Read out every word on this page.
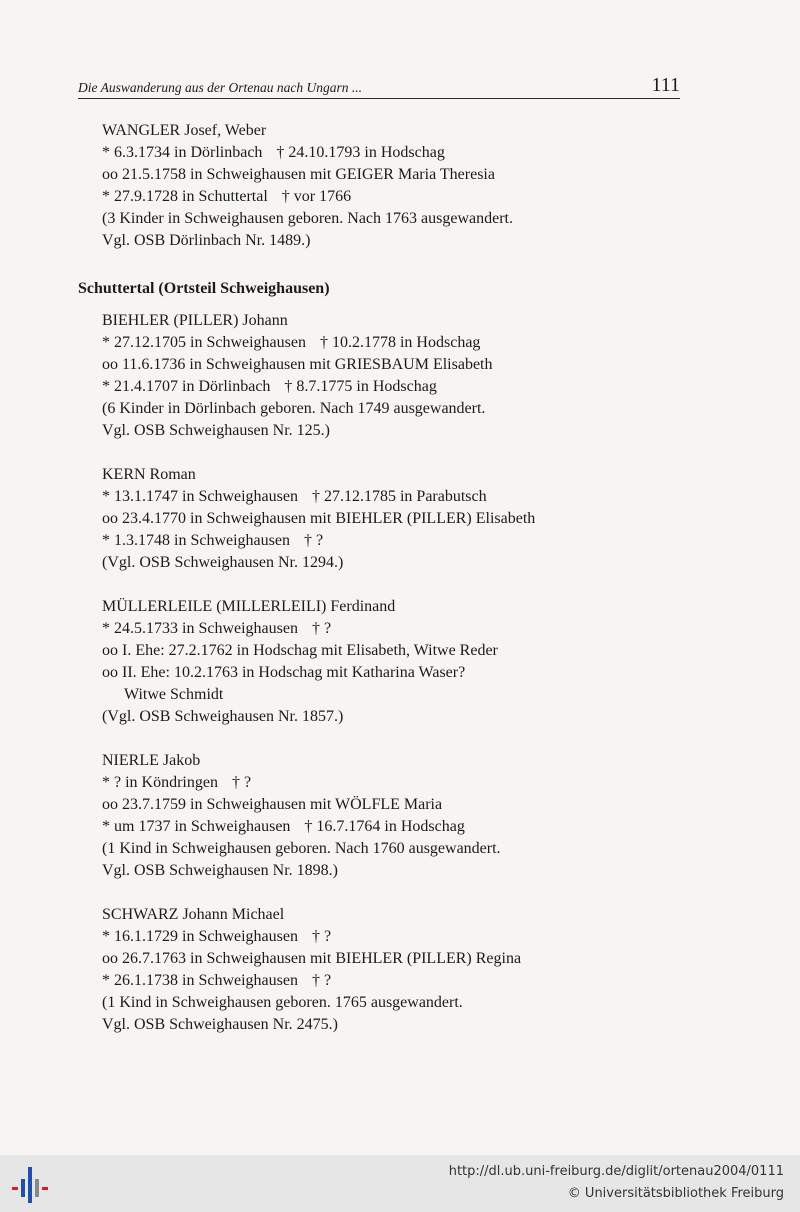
Die Auswanderung aus der Ortenau nach Ungarn ...	111
WANGLER Josef, Weber
* 6.3.1734 in Dörlinbach † 24.10.1793 in Hodschag
oo 21.5.1758 in Schweighausen mit GEIGER Maria Theresia
* 27.9.1728 in Schuttertal † vor 1766
(3 Kinder in Schweighausen geboren. Nach 1763 ausgewandert.
Vgl. OSB Dörlinbach Nr. 1489.)
Schuttertal (Ortsteil Schweighausen)
BIEHLER (PILLER) Johann
* 27.12.1705 in Schweighausen † 10.2.1778 in Hodschag
oo 11.6.1736 in Schweighausen mit GRIESBAUM Elisabeth
* 21.4.1707 in Dörlinbach † 8.7.1775 in Hodschag
(6 Kinder in Dörlinbach geboren. Nach 1749 ausgewandert.
Vgl. OSB Schweighausen Nr. 125.)
KERN Roman
* 13.1.1747 in Schweighausen † 27.12.1785 in Parabutsch
oo 23.4.1770 in Schweighausen mit BIEHLER (PILLER) Elisabeth
* 1.3.1748 in Schweighausen † ?
(Vgl. OSB Schweighausen Nr. 1294.)
MÜLLERLEILE (MILLERLEILI) Ferdinand
* 24.5.1733 in Schweighausen † ?
oo I. Ehe: 27.2.1762 in Hodschag mit Elisabeth, Witwe Reder
oo II. Ehe: 10.2.1763 in Hodschag mit Katharina Waser?
Witwe Schmidt
(Vgl. OSB Schweighausen Nr. 1857.)
NIERLE Jakob
* ? in Köndringen † ?
oo 23.7.1759 in Schweighausen mit WÖLFLE Maria
* um 1737 in Schweighausen † 16.7.1764 in Hodschag
(1 Kind in Schweighausen geboren. Nach 1760 ausgewandert.
Vgl. OSB Schweighausen Nr. 1898.)
SCHWARZ Johann Michael
* 16.1.1729 in Schweighausen † ?
oo 26.7.1763 in Schweighausen mit BIEHLER (PILLER) Regina
* 26.1.1738 in Schweighausen † ?
(1 Kind in Schweighausen geboren. 1765 ausgewandert.
Vgl. OSB Schweighausen Nr. 2475.)
http://dl.ub.uni-freiburg.de/diglit/ortenau2004/0111
© Universitätsbibliothek Freiburg
